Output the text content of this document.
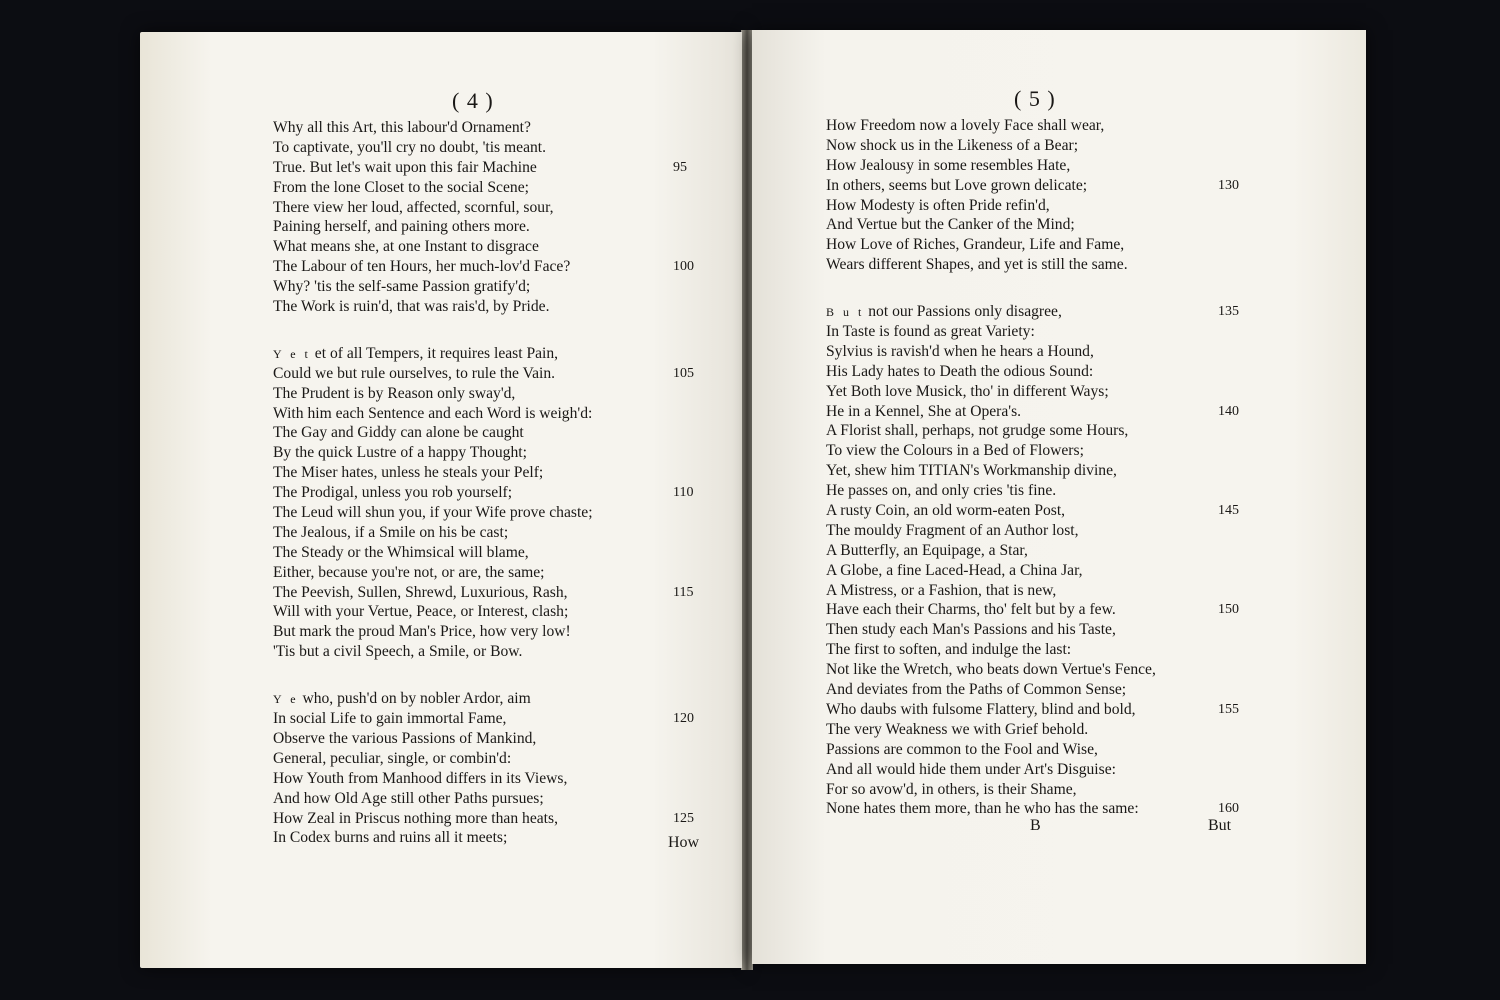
( 4 )
Why all this Art, this labour'd Ornament?
To captivate, you'll cry no doubt, 'tis meant.
True. But let's wait upon this fair Machine	95
From the lone Closet to the social Scene;
There view her loud, affected, scornful, sour,
Paining herself, and paining others more.
What means she, at one Instant to disgrace
The Labour of ten Hours, her much-lov'd Face?	100
Why? 'tis the self-same Passion gratify'd;
The Work is ruin'd, that was rais'd, by Pride.
Y e t et of all Tempers, it requires least Pain,
Could we but rule ourselves, to rule the Vain.	105
The Prudent is by Reason only sway'd,
With him each Sentence and each Word is weigh'd:
The Gay and Giddy can alone be caught
By the quick Lustre of a happy Thought;
The Miser hates, unless he steals your Pelf;
The Prodigal, unless you rob yourself;	110
The Leud will shun you, if your Wife prove chaste;
The Jealous, if a Smile on his be cast;
The Steady or the Whimsical will blame,
Either, because you're not, or are, the same;
The Peevish, Sullen, Shrewd, Luxurious, Rash,	115
Will with your Vertue, Peace, or Interest, clash;
But mark the proud Man's Price, how very low!
'Tis but a civil Speech, a Smile, or Bow.
Y e who, push'd on by nobler Ardor, aim
In social Life to gain immortal Fame,	120
Observe the various Passions of Mankind,
General, peculiar, single, or combin'd:
How Youth from Manhood differs in its Views,
And how Old Age still other Paths pursues;
How Zeal in Priscus nothing more than heats,	125
In Codex burns and ruins all it meets;	How
( 5 )
How Freedom now a lovely Face shall wear,
Now shock us in the Likeness of a Bear;
How Jealousy in some resembles Hate,
In others, seems but Love grown delicate;	130
How Modesty is often Pride refin'd,
And Vertue but the Canker of the Mind;
How Love of Riches, Grandeur, Life and Fame,
Wears different Shapes, and yet is still the same.
B u t not our Passions only disagree,	135
In Taste is found as great Variety:
Sylvius is ravish'd when he hears a Hound,
His Lady hates to Death the odious Sound:
Yet Both love Musick, tho' in different Ways;
He in a Kennel, She at Opera's.	140
A Florist shall, perhaps, not grudge some Hours,
To view the Colours in a Bed of Flowers;
Yet, shew him TITIAN's Workmanship divine,
He passes on, and only cries 'tis fine.
A rusty Coin, an old worm-eaten Post,	145
The mouldy Fragment of an Author lost,
A Butterfly, an Equipage, a Star,
A Globe, a fine Laced-Head, a China Jar,
A Mistress, or a Fashion, that is new,
Have each their Charms, tho' felt but by a few.	150
Then study each Man's Passions and his Taste,
The first to soften, and indulge the last:
Not like the Wretch, who beats down Vertue's Fence,
And deviates from the Paths of Common Sense;
Who daubs with fulsome Flattery, blind and bold,	155
The very Weakness we with Grief behold.
Passions are common to the Fool and Wise,
And all would hide them under Art's Disguise:
For so avow'd, in others, is their Shame,
None hates them more, than he who has the same:	160
B	But
